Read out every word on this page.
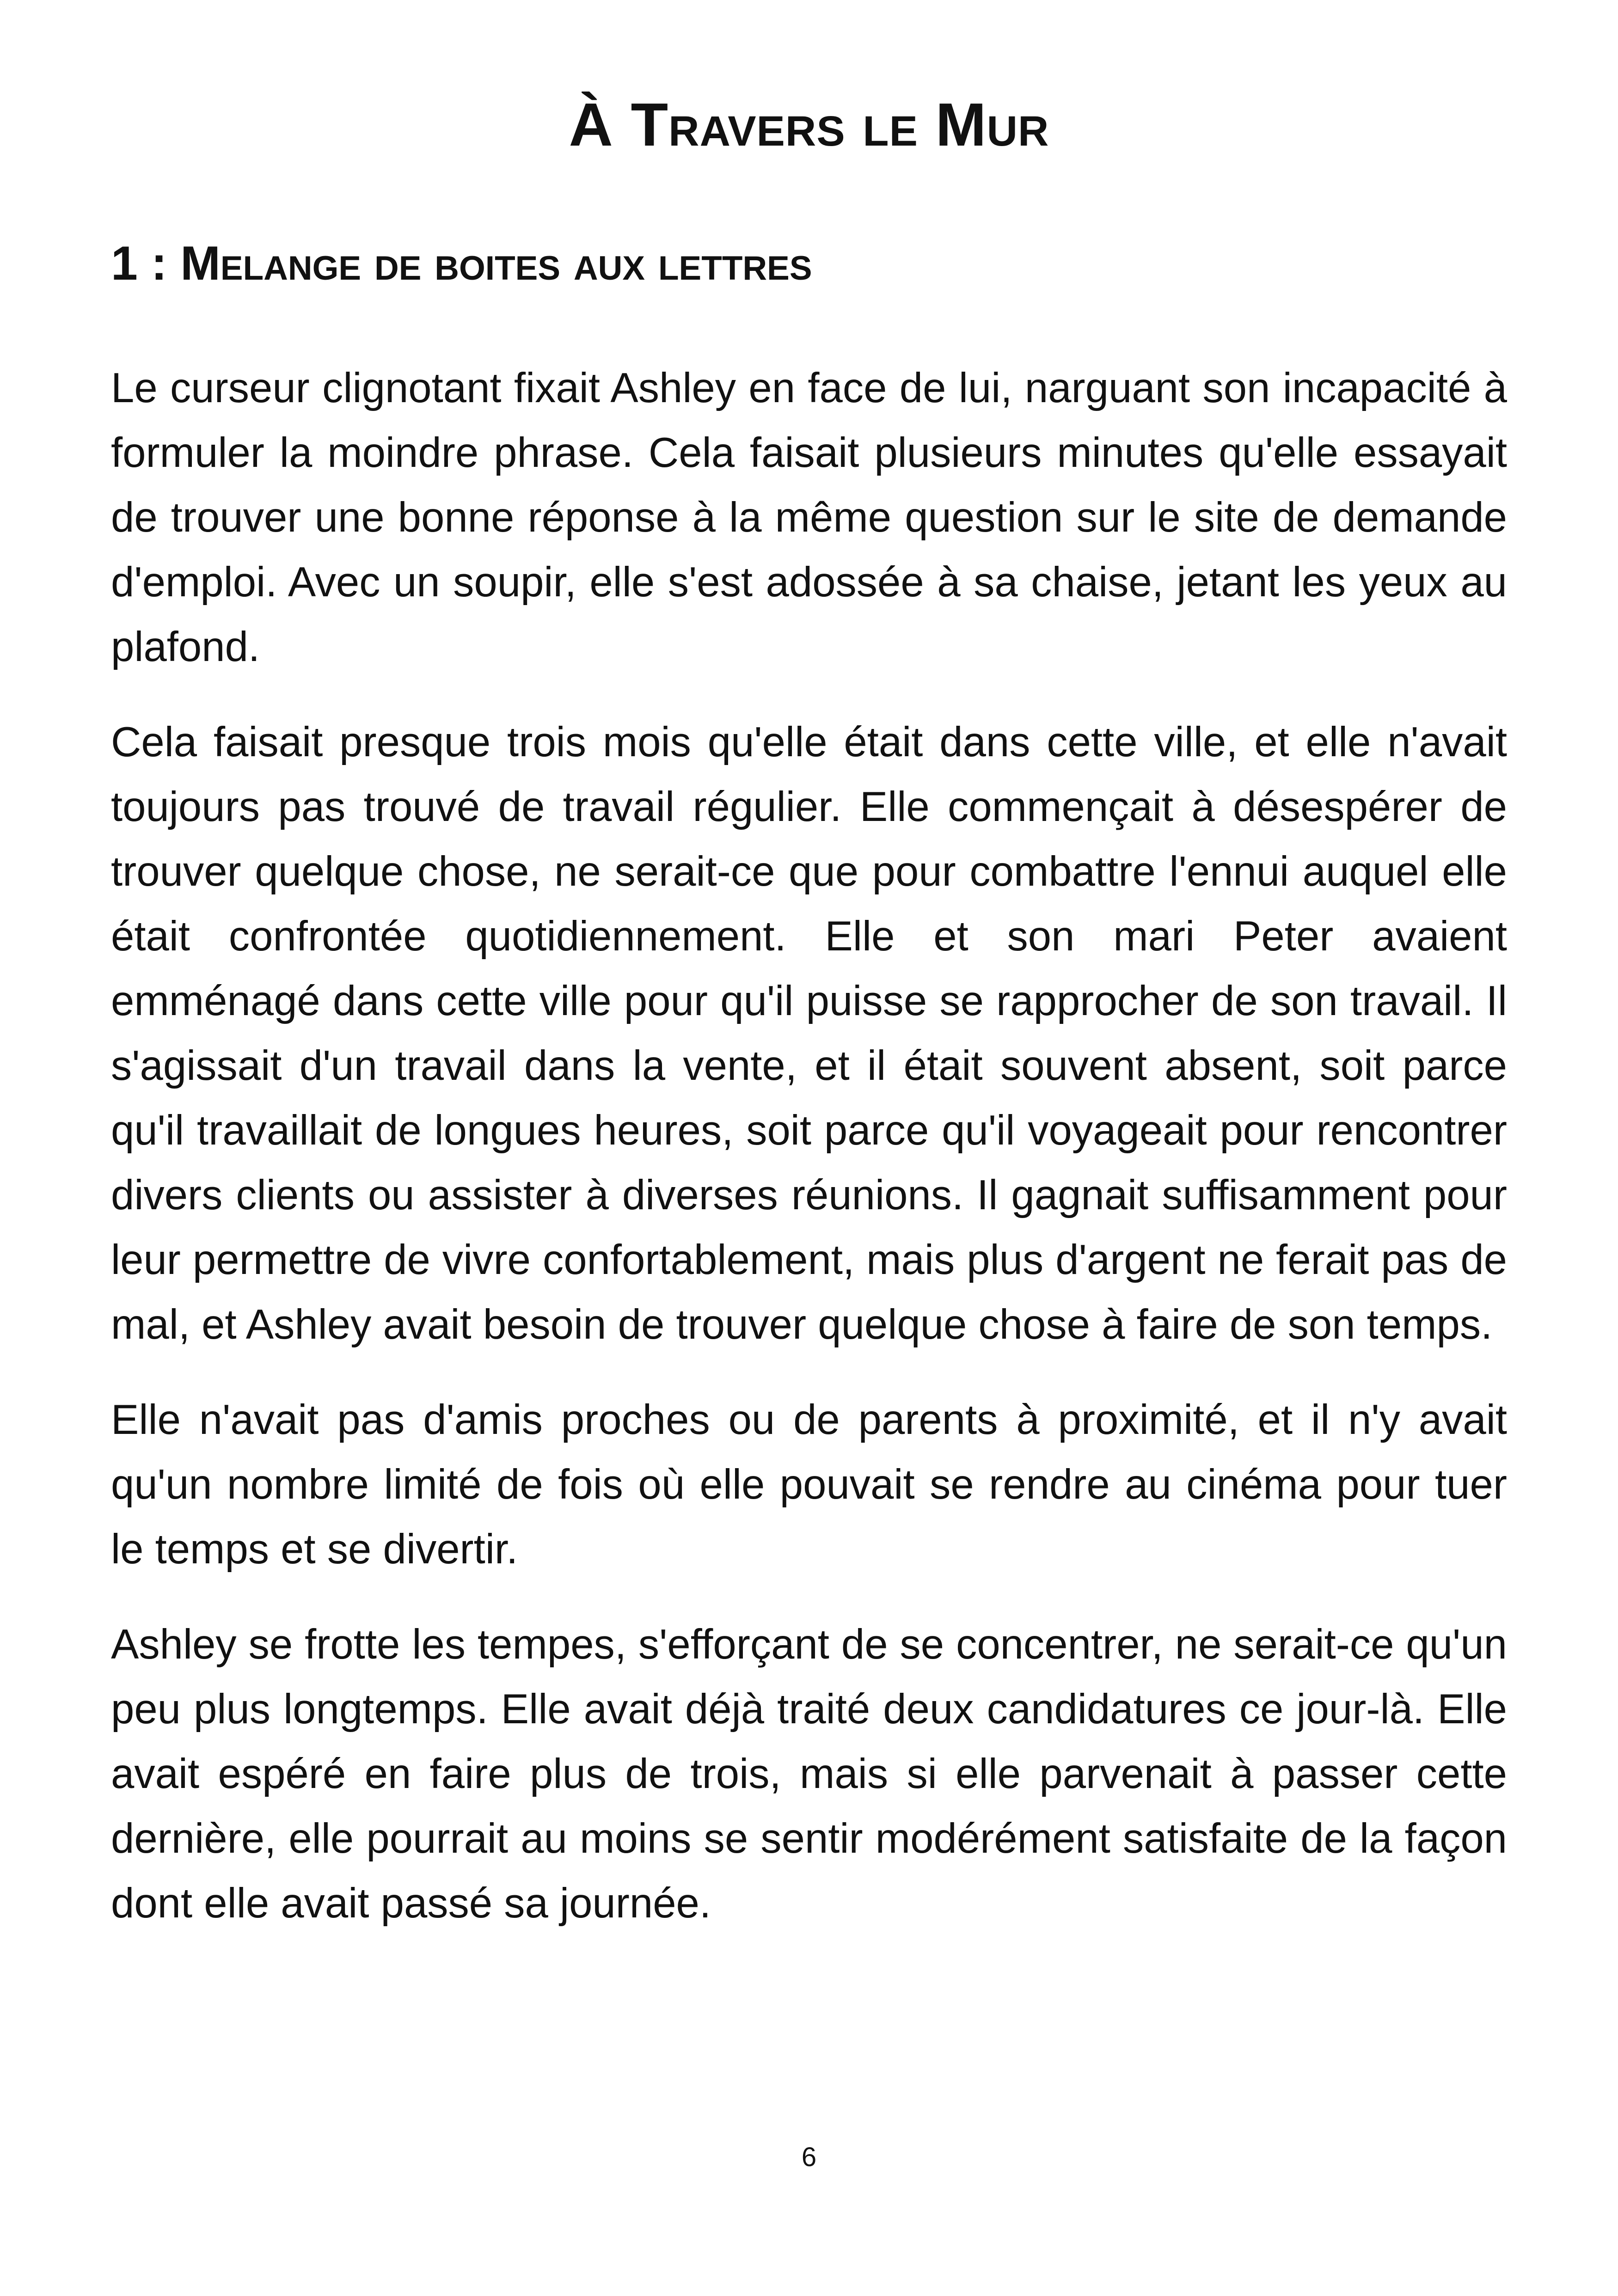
À Travers le Mur
1 : Melange de boites aux lettres

Le curseur clignotant fixait Ashley en face de lui, narguant son incapacité à formuler la moindre phrase. Cela faisait plusieurs minutes qu'elle essayait de trouver une bonne réponse à la même question sur le site de demande d'emploi. Avec un soupir, elle s'est adossée à sa chaise, jetant les yeux au plafond.

Cela faisait presque trois mois qu'elle était dans cette ville, et elle n'avait toujours pas trouvé de travail régulier. Elle commençait à désespérer de trouver quelque chose, ne serait-ce que pour combattre l'ennui auquel elle était confrontée quotidiennement. Elle et son mari Peter avaient emménagé dans cette ville pour qu'il puisse se rapprocher de son travail. Il s'agissait d'un travail dans la vente, et il était souvent absent, soit parce qu'il travaillait de longues heures, soit parce qu'il voyageait pour rencontrer divers clients ou assister à diverses réunions. Il gagnait suffisamment pour leur permettre de vivre confortablement, mais plus d'argent ne ferait pas de mal, et Ashley avait besoin de trouver quelque chose à faire de son temps.

Elle n'avait pas d'amis proches ou de parents à proximité, et il n'y avait qu'un nombre limité de fois où elle pouvait se rendre au cinéma pour tuer le temps et se divertir.

Ashley se frotte les tempes, s'efforçant de se concentrer, ne serait-ce qu'un peu plus longtemps. Elle avait déjà traité deux candidatures ce jour-là. Elle avait espéré en faire plus de trois, mais si elle parvenait à passer cette dernière, elle pourrait au moins se sentir modérément satisfaite de la façon dont elle avait passé sa journée.

6
